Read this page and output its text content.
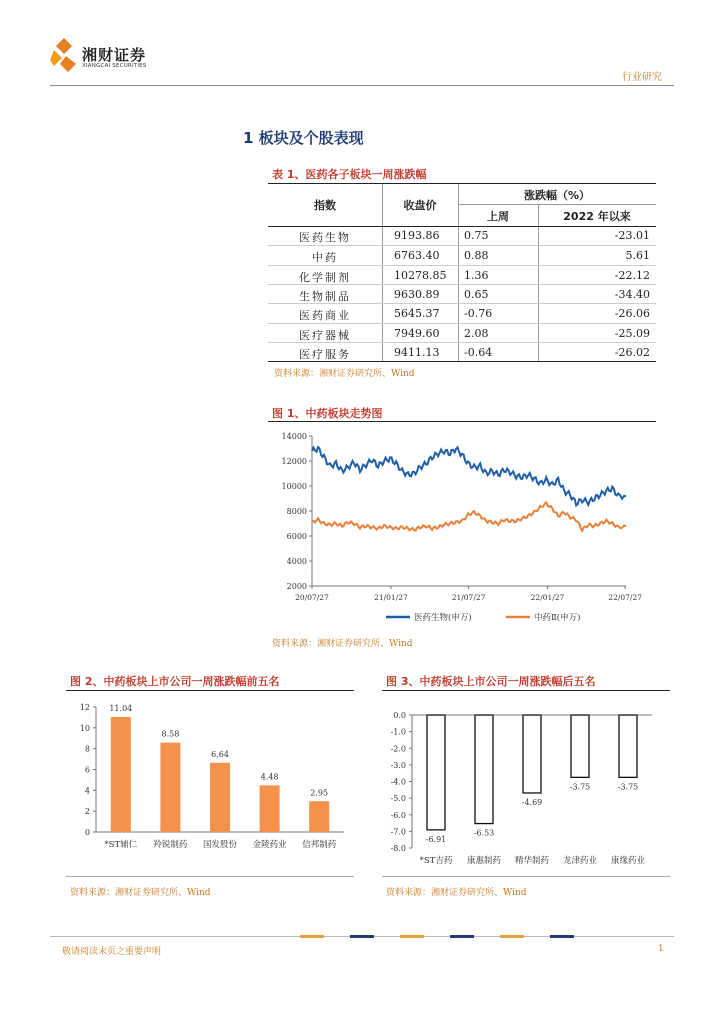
湘财证券
XIANGCAI SECURITIES
行业研究
1 板块及个股表现
表 1、医药各子板块一周涨跌幅
指数	收盘价
涨跌幅（%）
上周	2022 年以来
医药生物	9193.86	0.75	-23.01
中药	6763.40	0.88	5.61
化学制剂	10278.85	1.36	-22.12
生物制品	9630.89	0.65	-34.40
医药商业	5645.37	-0.76	-26.06
医疗器械	7949.60	2.08	-25.09
医疗服务	9411.13	-0.64	-26.02
资料来源：湘财证券研究所、Wind
图 1、中药板块走势图
2000
4000
6000
8000
10000
12000
14000
20/07/27	21/01/27	21/07/27	22/01/27	22/07/27
医药生物(申万)	中药Ⅱ(申万)
资料来源：湘财证券研究所、Wind
图 2、中药板块上市公司一周涨跌幅前五名
0
2
4
6
8
10
12 11.04
*ST辅仁
8.58
羚锐制药
6.64
国发股份
4.48
金陵药业
2.95
信邦制药
资料来源：湘财证券研究所、Wind
图 3、中药板块上市公司一周涨跌幅后五名
0.0
-1.0
-2.0
-3.0
-4.0
-5.0
-6.0
-7.0
-8.0
-6.91
*ST吉药
-6.53
康惠制药
-4.69
精华制药
-3.75
龙津药业
-3.75
康缘药业
资料来源：湘财证券研究所、Wind
敬请阅读末页之重要声明	1
